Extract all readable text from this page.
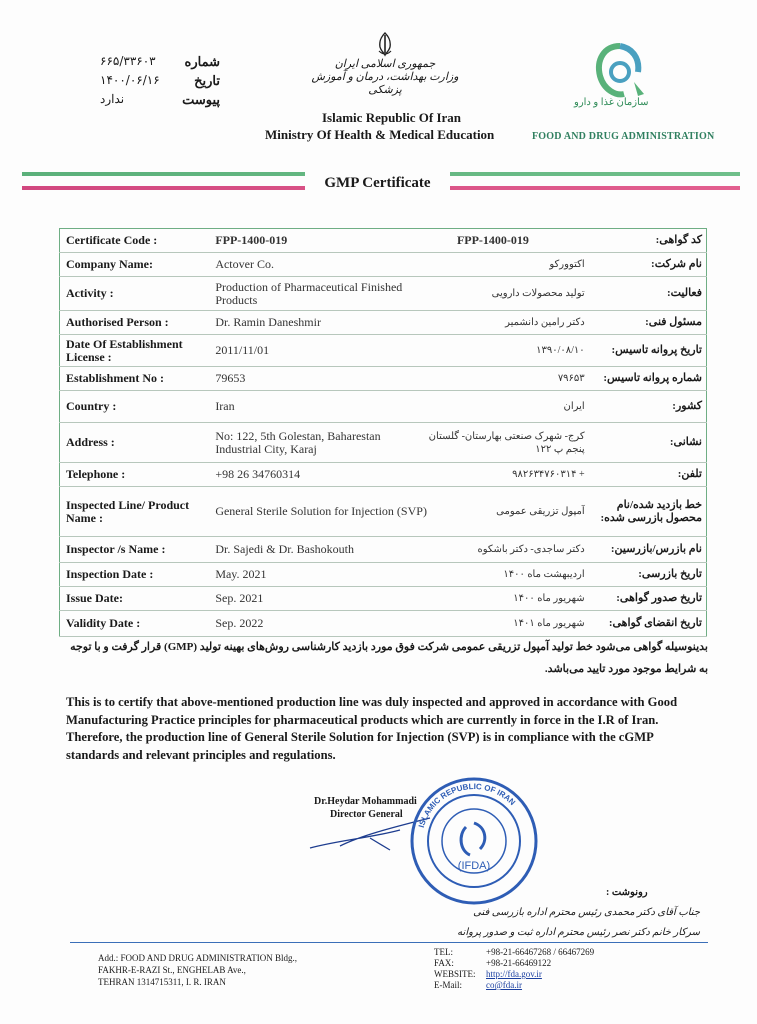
شماره
۶۶۵/۳۳۶۰۳
تاریخ
۱۴۰۰/۰۶/۱۶
پیوست
ندارد
جمهوری اسلامی ایران
وزارت بهداشت، درمان و آموزش پزشکی
Islamic Republic Of Iran
Ministry Of Health & Medical Education
سازمان غذا و دارو
FOOD AND DRUG ADMINISTRATION
GMP Certificate
Certificate Code :	FPP-1400-019	FPP-1400-019	کد گواهی:
Company Name:	Actover Co.	اکتوورکو	نام شرکت:
Activity :	Production of Pharmaceutical Finished Products	تولید محصولات دارویی	فعالیت:
Authorised Person :	Dr. Ramin Daneshmir	دکتر رامین دانشمیر	مسئول فنی:
Date Of Establishment License :	2011/11/01	۱۳۹۰/۰۸/۱۰	تاریخ پروانه تاسیس:
Establishment No :	79653	۷۹۶۵۳	شماره پروانه تاسیس:
Country :	Iran	ایران	کشور:
Address :	No: 122, 5th Golestan, Baharestan Industrial City, Karaj	کرج- شهرک صنعتی بهارستان- گلستان پنجم پ ۱۲۲	نشانی:
Telephone :	+98 26 34760314	+ ۹۸۲۶۳۴۷۶۰۳۱۴	تلفن:
Inspected Line/ Product Name :	General Sterile Solution for Injection (SVP)	آمپول تزریقی عمومی	خط بازدید شده/نام محصول بازرسی شده:
Inspector /s Name :	Dr. Sajedi & Dr. Bashokouth	دکتر ساجدی- دکتر باشکوه	نام بازرس/بازرسین:
Inspection Date :	May. 2021	اردیبهشت ماه ۱۴۰۰	تاریخ بازرسی:
Issue Date:	Sep. 2021	شهریور ماه ۱۴۰۰	تاریخ صدور گواهی:
Validity Date :	Sep. 2022	شهریور ماه ۱۴۰۱	تاریخ انقضای گواهی:
بدینوسیله گواهی می‌شود خط تولید آمپول تزریقی عمومی شرکت فوق مورد بازدید کارشناسی روش‌های بهینه تولید (GMP) قرار گرفت و با توجه به شرایط موجود مورد تایید می‌باشد.
This is to certify that above-mentioned production line was duly inspected and approved in accordance with Good Manufacturing Practice principles for pharmaceutical products which are currently in force in the I.R of Iran. Therefore, the production line of General Sterile Solution for Injection (SVP) is in compliance with the cGMP standards and relevant principles and regulations.
Dr.Heydar Mohammadi
Director General
(IFDA)
ISLAMIC REPUBLIC OF IRAN
رونوشت :
جناب آقای دکتر محمدی رئیس محترم اداره بازرسی فنی
سرکار خانم دکتر نصر رئیس محترم اداره ثبت و صدور پروانه
Add.: FOOD AND DRUG ADMINISTRATION Bldg.,
FAKHR-E-RAZI St., ENGHELAB Ave.,
TEHRAN 1314715311, I. R. IRAN
TEL:	+98-21-66467268 / 66467269
FAX:	+98-21-66469122
WEBSITE:	http://fda.gov.ir
E-Mail:	co@fda.ir
